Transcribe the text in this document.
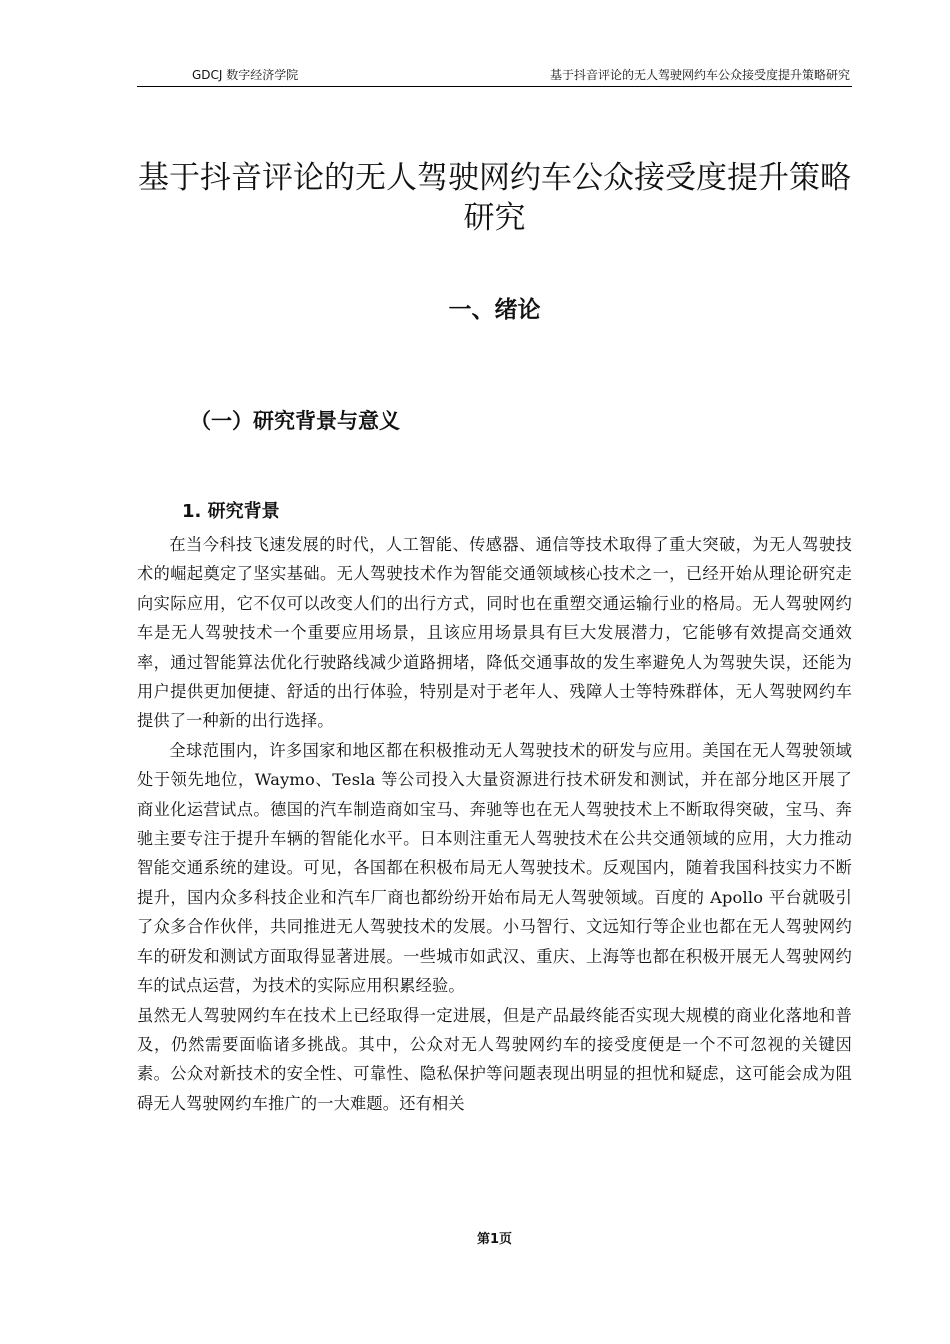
GDCJ 数字经济学院	基于抖音评论的无人驾驶网约车公众接受度提升策略研究
基于抖音评论的无人驾驶网约车公众接受度提升策略研究
一、绪论
（一）研究背景与意义
1. 研究背景

在当今科技飞速发展的时代，人工智能、传感器、通信等技术取得了重大突破，为无人驾驶技术的崛起奠定了坚实基础。无人驾驶技术作为智能交通领域核心技术之一，已经开始从理论研究走向实际应用，它不仅可以改变人们的出行方式，同时也在重塑交通运输行业的格局。无人驾驶网约车是无人驾驶技术一个重要应用场景，且该应用场景具有巨大发展潜力，它能够有效提高交通效率，通过智能算法优化行驶路线减少道路拥堵，降低交通事故的发生率避免人为驾驶失误，还能为用户提供更加便捷、舒适的出行体验，特别是对于老年人、残障人士等特殊群体，无人驾驶网约车提供了一种新的出行选择。

全球范围内，许多国家和地区都在积极推动无人驾驶技术的研发与应用。美国在无人驾驶领域处于领先地位，Waymo、Tesla 等公司投入大量资源进行技术研发和测试，并在部分地区开展了商业化运营试点。德国的汽车制造商如宝马、奔驰等也在无人驾驶技术上不断取得突破，宝马、奔驰主要专注于提升车辆的智能化水平。日本则注重无人驾驶技术在公共交通领域的应用，大力推动智能交通系统的建设。可见，各国都在积极布局无人驾驶技术。反观国内，随着我国科技实力不断提升，国内众多科技企业和汽车厂商也都纷纷开始布局无人驾驶领域。百度的 Apollo 平台就吸引了众多合作伙伴，共同推进无人驾驶技术的发展。小马智行、文远知行等企业也都在无人驾驶网约车的研发和测试方面取得显著进展。一些城市如武汉、重庆、上海等也都在积极开展无人驾驶网约车的试点运营，为技术的实际应用积累经验。

虽然无人驾驶网约车在技术上已经取得一定进展，但是产品最终能否实现大规模的商业化落地和普及，仍然需要面临诸多挑战。其中，公众对无人驾驶网约车的接受度便是一个不可忽视的关键因素。公众对新技术的安全性、可靠性、隐私保护等问题表现出明显的担忧和疑虑，这可能会成为阻碍无人驾驶网约车推广的一大难题。还有相关

第1页
